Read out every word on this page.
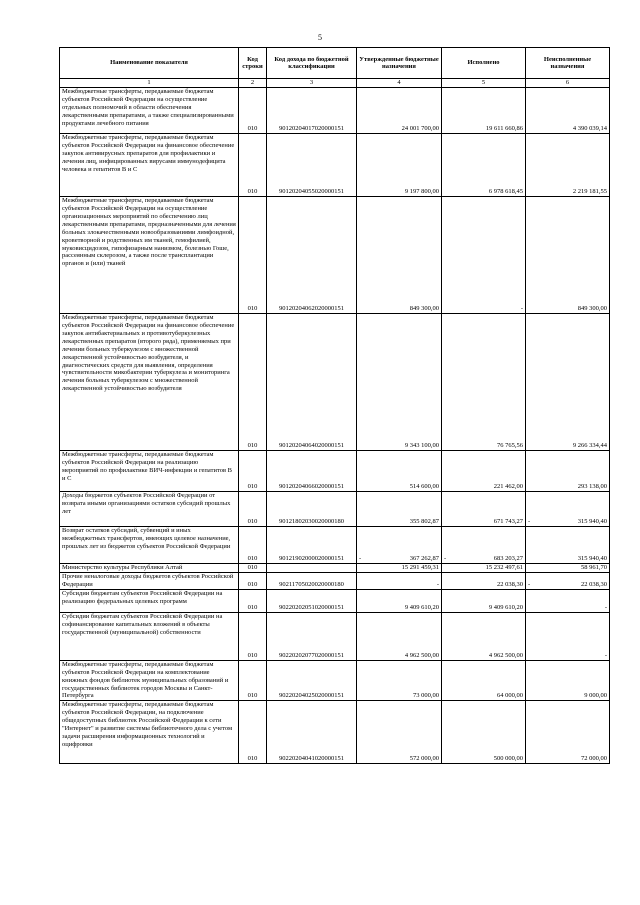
5
Наименование показателя	Код строки	Код дохода по бюджетной классификации	Утвержденные бюджетные назначения	Исполнено	Неисполненные назначения
1	2	3	4	5	6
Межбюджетные трансферты, передаваемые бюджетам субъектов Российской Федерации на осуществление отдельных полномочий в области обеспечения лекарственными препаратами, а также специализированными продуктами лечебного питания	010	90120204017020000151	24 001 700,00	19 611 660,86	4 390 039,14
Межбюджетные трансферты, передаваемые бюджетам субъектов Российской Федерации на финансовое обеспечение закупок антивирусных препаратов для профилактики и лечения лиц, инфицированных вирусами иммунодефицита человека и гепатитов В и С	010	90120204055020000151	9 197 800,00	6 978 618,45	2 219 181,55
Межбюджетные трансферты, передаваемые бюджетам субъектов Российской Федерации на осуществление организационных мероприятий по обеспечению лиц лекарственными препаратами, предназначенными для лечения больных злокачественными новообразованиями лимфоидной, кроветворной и родственных им тканей, гемофилией, муковисцидозом, гипофизарным нанизмом, болезнью Гоше, рассеянным склерозом, а также после трансплантации органов и (или) тканей	010	90120204062020000151	849 300,00	-	849 300,00
Межбюджетные трансферты, передаваемые бюджетам субъектов Российской Федерации на финансовое обеспечение закупок антибактериальных и противотуберкулезных лекарственных препаратов (второго ряда), применяемых при лечении больных туберкулезом с множественной лекарственной устойчивостью возбудителя, и диагностических средств для выявления, определения чувствительности микобактерии туберкулеза и мониторинга лечения больных туберкулезом с множественной лекарственной устойчивостью возбудителя	010	90120204064020000151	9 343 100,00	76 765,56	9 266 334,44
Межбюджетные трансферты, передаваемые бюджетам субъектов Российской Федерации на реализацию мероприятий по профилактике ВИЧ-инфекции и гепатитов В и С	010	90120204066020000151	514 600,00	221 462,00	293 138,00
Доходы бюджетов субъектов Российской Федерации от возврата иными организациями остатков субсидий прошлых лет	010	90121802030020000180	355 802,87	671 743,27	- 315 940,40
Возврат остатков субсидий, субвенций и иных межбюджетных трансфертов, имеющих целевое назначение, прошлых лет из бюджетов субъектов Российской Федерации	010	90121902000020000151	- 367 262,87	- 683 203,27	315 940,40
Министерство культуры Республики Алтай	010		15 291 459,31	15 232 497,61	58 961,70
Прочие неналоговые доходы бюджетов субъектов Российской Федерации	010	90211705020020000180	-	22 038,30	- 22 038,30
Субсидии бюджетам субъектов Российской Федерации на реализацию федеральных целевых программ	010	90220202051020000151	9 409 610,20	9 409 610,20	-
Субсидии бюджетам субъектов Российской Федерации на софинансирование капитальных вложений в объекты государственной (муниципальной) собственности	010	90220202077020000151	4 962 500,00	4 962 500,00	-
Межбюджетные трансферты, передаваемые бюджетам субъектов Российской Федерации на комплектование книжных фондов библиотек муниципальных образований и государственных библиотек городов Москвы и Санкт-Петербурга	010	90220204025020000151	73 000,00	64 000,00	9 000,00
Межбюджетные трансферты, передаваемые бюджетам субъектов Российской Федерации, на подключение общедоступных библиотек Российской Федерации к сети "Интернет" и развитие системы библиотечного дела с учетом задачи расширения информационных технологий и оцифровки	010	90220204041020000151	572 000,00	500 000,00	72 000,00
